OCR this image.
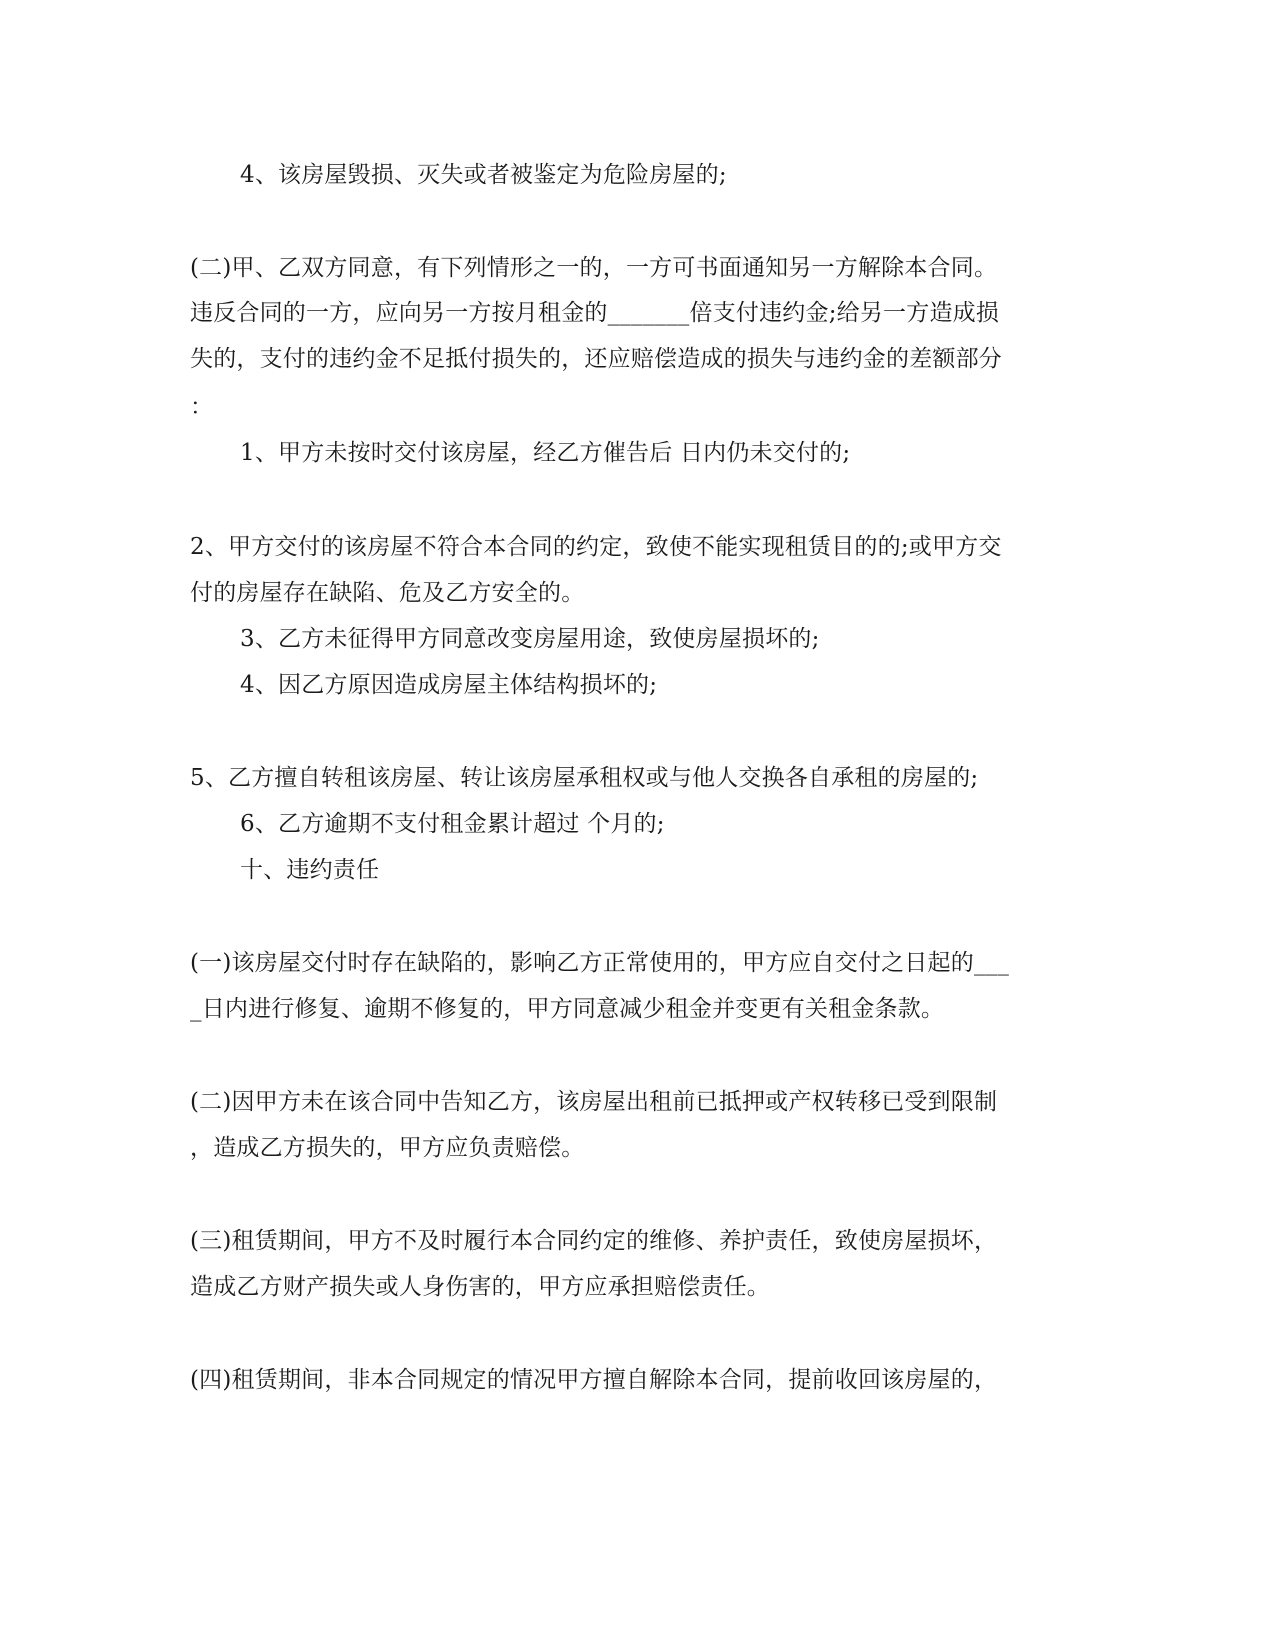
4、该房屋毁损、灭失或者被鉴定为危险房屋的;
(二)甲、乙双方同意，有下列情形之一的，一方可书面通知另一方解除本合同。
违反合同的一方，应向另一方按月租金的_______倍支付违约金;给另一方造成损
失的，支付的违约金不足抵付损失的，还应赔偿造成的损失与违约金的差额部分
：
1、甲方未按时交付该房屋，经乙方催告后 日内仍未交付的;
2、甲方交付的该房屋不符合本合同的约定，致使不能实现租赁目的的;或甲方交
付的房屋存在缺陷、危及乙方安全的。
3、乙方未征得甲方同意改变房屋用途，致使房屋损坏的;
4、因乙方原因造成房屋主体结构损坏的;
5、乙方擅自转租该房屋、转让该房屋承租权或与他人交换各自承租的房屋的;
6、乙方逾期不支付租金累计超过 个月的;
十、违约责任
(一)该房屋交付时存在缺陷的，影响乙方正常使用的，甲方应自交付之日起的___
_日内进行修复、逾期不修复的，甲方同意减少租金并变更有关租金条款。
(二)因甲方未在该合同中告知乙方，该房屋出租前已抵押或产权转移已受到限制
，造成乙方损失的，甲方应负责赔偿。
(三)租赁期间，甲方不及时履行本合同约定的维修、养护责任，致使房屋损坏，
造成乙方财产损失或人身伤害的，甲方应承担赔偿责任。
(四)租赁期间，非本合同规定的情况甲方擅自解除本合同，提前收回该房屋的，
